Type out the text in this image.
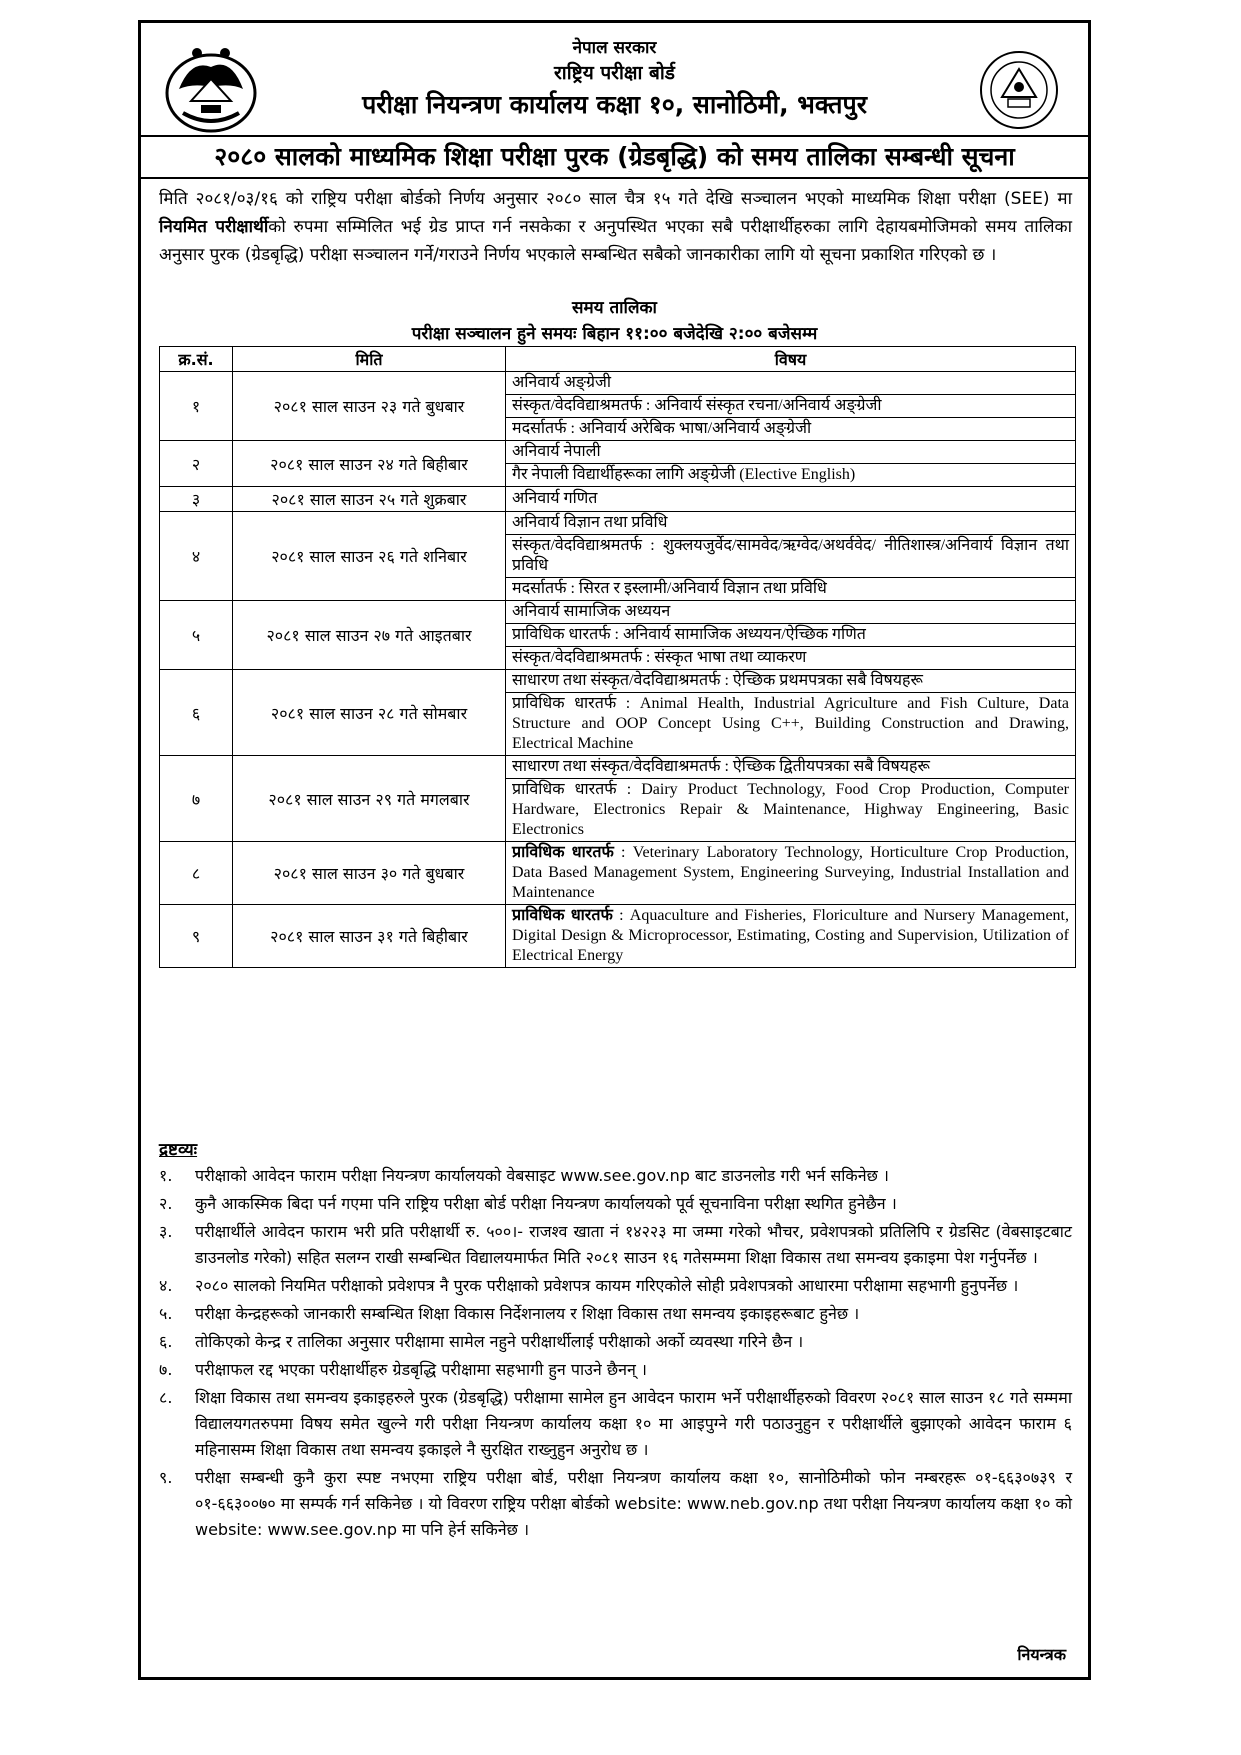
नेपाल सरकार
राष्ट्रिय परीक्षा बोर्ड
परीक्षा नियन्त्रण कार्यालय कक्षा १०, सानोठिमी, भक्तपुर
२०८० सालको माध्यमिक शिक्षा परीक्षा पुरक (ग्रेडबृद्धि) को समय तालिका सम्बन्धी सूचना
मिति २०८१/०३/१६ को राष्ट्रिय परीक्षा बोर्डको निर्णय अनुसार २०८० साल चैत्र १५ गते देखि सञ्चालन भएको माध्यमिक शिक्षा परीक्षा (SEE) मा नियमित परीक्षार्थीको रुपमा सम्मिलित भई ग्रेड प्राप्त गर्न नसकेका र अनुपस्थित भएका सबै परीक्षार्थीहरुका लागि देहायबमोजिमको समय तालिका अनुसार पुरक (ग्रेडबृद्धि) परीक्षा सञ्चालन गर्ने/गराउने निर्णय भएकाले सम्बन्धित सबैको जानकारीका लागि यो सूचना प्रकाशित गरिएको छ ।
समय तालिका
परीक्षा सञ्चालन हुने समयः बिहान ११:०० बजेदेखि २:०० बजेसम्म
क्र.सं.	मिति	विषय
१	२०८१ साल साउन २३ गते बुधबार	अनिवार्य अङ्ग्रेजी
		संस्कृत/वेदविद्याश्रमतर्फ : अनिवार्य संस्कृत रचना/अनिवार्य अङ्ग्रेजी
		मदर्सातर्फ : अनिवार्य अरेबिक भाषा/अनिवार्य अङ्ग्रेजी
२	२०८१ साल साउन २४ गते बिहीबार	अनिवार्य नेपाली
		गैर नेपाली विद्यार्थीहरूका लागि अङ्ग्रेजी (Elective English)
३	२०८१ साल साउन २५ गते शुक्रबार	अनिवार्य गणित
४	२०८१ साल साउन २६ गते शनिबार	अनिवार्य विज्ञान तथा प्रविधि
		संस्कृत/वेदविद्याश्रमतर्फ : शुक्लयजुर्वेद/सामवेद/ऋग्वेद/अथर्ववेद/ नीतिशास्त्र/अनिवार्य विज्ञान तथा प्रविधि
		मदर्सातर्फ : सिरत र इस्लामी/अनिवार्य विज्ञान तथा प्रविधि
५	२०८१ साल साउन २७ गते आइतबार	अनिवार्य सामाजिक अध्ययन
		प्राविधिक धारतर्फ : अनिवार्य सामाजिक अध्ययन/ऐच्छिक गणित
		संस्कृत/वेदविद्याश्रमतर्फ : संस्कृत भाषा तथा व्याकरण
६	२०८१ साल साउन २८ गते सोमबार	साधारण तथा संस्कृत/वेदविद्याश्रमतर्फ : ऐच्छिक प्रथमपत्रका सबै विषयहरू
		प्राविधिक धारतर्फ : Animal Health, Industrial Agriculture and Fish Culture, Data Structure and OOP Concept Using C++, Building Construction and Drawing, Electrical Machine
७	२०८१ साल साउन २९ गते मगलबार	साधारण तथा संस्कृत/वेदविद्याश्रमतर्फ : ऐच्छिक द्वितीयपत्रका सबै विषयहरू
		प्राविधिक धारतर्फ : Dairy Product Technology, Food Crop Production, Computer Hardware, Electronics Repair & Maintenance, Highway Engineering, Basic Electronics
८	२०८१ साल साउन ३० गते बुधबार	प्राविधिक धारतर्फ : Veterinary Laboratory Technology, Horticulture Crop Production, Data Based Management System, Engineering Surveying, Industrial Installation and Maintenance
९	२०८१ साल साउन ३१ गते बिहीबार	प्राविधिक धारतर्फ : Aquaculture and Fisheries, Floriculture and Nursery Management, Digital Design & Microprocessor, Estimating, Costing and Supervision, Utilization of Electrical Energy
द्रष्टव्यः
१. परीक्षाको आवेदन फाराम परीक्षा नियन्त्रण कार्यालयको वेबसाइट www.see.gov.np बाट डाउनलोड गरी भर्न सकिनेछ ।
२. कुनै आकस्मिक बिदा पर्न गएमा पनि राष्ट्रिय परीक्षा बोर्ड परीक्षा नियन्त्रण कार्यालयको पूर्व सूचनाविना परीक्षा स्थगित हुनेछैन ।
३. परीक्षार्थीले आवेदन फाराम भरी प्रति परीक्षार्थी रु. ५००।- राजश्व खाता नं १४२२३ मा जम्मा गरेको भौचर, प्रवेशपत्रको प्रतिलिपि र ग्रेडसिट (वेबसाइटबाट डाउनलोड गरेको) सहित सलग्न राखी सम्बन्धित विद्यालयमार्फत मिति २०८१ साउन १६ गतेसम्ममा शिक्षा विकास तथा समन्वय इकाइमा पेश गर्नुपर्नेछ ।
४. २०८० सालको नियमित परीक्षाको प्रवेशपत्र नै पुरक परीक्षाको प्रवेशपत्र कायम गरिएकोले सोही प्रवेशपत्रको आधारमा परीक्षामा सहभागी हुनुपर्नेछ ।
५. परीक्षा केन्द्रहरूको जानकारी सम्बन्धित शिक्षा विकास निर्देशनालय र शिक्षा विकास तथा समन्वय इकाइहरूबाट हुनेछ ।
६. तोकिएको केन्द्र र तालिका अनुसार परीक्षामा सामेल नहुने परीक्षार्थीलाई परीक्षाको अर्को व्यवस्था गरिने छैन ।
७. परीक्षाफल रद्द भएका परीक्षार्थीहरु ग्रेडबृद्धि परीक्षामा सहभागी हुन पाउने छैनन् ।
८. शिक्षा विकास तथा समन्वय इकाइहरुले पुरक (ग्रेडबृद्धि) परीक्षामा सामेल हुन आवेदन फाराम भर्ने परीक्षार्थीहरुको विवरण २०८१ साल साउन १८ गते सम्ममा विद्यालयगतरुपमा विषय समेत खुल्ने गरी परीक्षा नियन्त्रण कार्यालय कक्षा १० मा आइपुग्ने गरी पठाउनुहुन र परीक्षार्थीले बुझाएको आवेदन फाराम ६ महिनासम्म शिक्षा विकास तथा समन्वय इकाइले नै सुरक्षित राख्नुहुन अनुरोध छ ।
९. परीक्षा सम्बन्धी कुनै कुरा स्पष्ट नभएमा राष्ट्रिय परीक्षा बोर्ड, परीक्षा नियन्त्रण कार्यालय कक्षा १०, सानोठिमीको फोन नम्बरहरू ०१-६६३०७३९ र ०१-६६३००७० मा सम्पर्क गर्न सकिनेछ । यो विवरण राष्ट्रिय परीक्षा बोर्डको website: www.neb.gov.np तथा परीक्षा नियन्त्रण कार्यालय कक्षा १० को website: www.see.gov.np मा पनि हेर्न सकिनेछ ।
नियन्त्रक
